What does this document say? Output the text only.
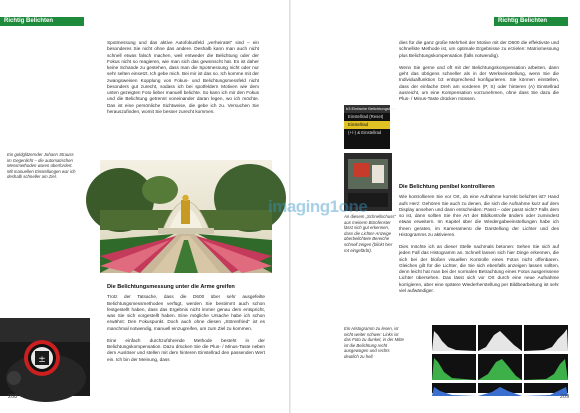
Richtig Belichten

Spotmessung und das aktive Autofokusfeld „verheiratet“ sind – ein besonderes Sie nicht ohne das andere. Deshalb kann man auch nicht schnell etwas falsch machen, weil entweder die Belichtung oder der Fokus nicht so reagieren, wie man sich das gewünscht hat. Es ist daher keine Schande zu gestehen, dass man die Spotmessung nicht oder nur sehr selten einsetzt. Ich gebe mich. Bei mir ist das so. Ich komme mit der zwangsweisen Kopplung von Fokus- und Belichtungsmessfeld nicht besonders gut zurecht, sodass ich bei spotfeldern Motiven wie dem unten gezeigten Foto lieber manuell belichte. So kann ich mir den Fokus und die Belichtung getrennt voneinander daran legen, wo ich möchte. Das ist eine persönliche Sichtweise, die gebe ich zu. Versuchen Sie herauszufinden, womit Sie besser zurecht kommen.

Ein goldglitzernder Johann Strauss im Gegenlicht – die automatischen Messmethoden waren überfordert. Mit manuellen Einstellungen war ich deshalb schneller am Ziel.
Die Belichtungsmessung unter die Arme greifen

Trotz der Tatsache, dass die D600 über sehr ausgefeilte Belichtungsmessmethoden verfügt, werden Sie bestimmt auch schon festgestellt haben, dass das Ergebnis nicht immer genau dem entspricht, was Sie sich vorgestellt haben. Eine mögliche Ursache habe ich schon erwähnt: Den Fokuspunkt. Doch auch ohne diesen „Störenfried“ ist es manchmal notwendig, manuell einzugreifen, um zum Ziel zu kommen.

Eine einfach durchzuführende Methode besteht in der Belichtungskompensation. Dazu drücken Sie die Plus- / Minus-Taste neben dem Auslöser und stellen mit dem hinteren Einstellrad den passenden Wert ein. Ich bin der Meinung, dass

±
208
Richtig Belichten

dies für die ganz große Mehrheit der Motive mit der D600 die effektivste und schnellste Methode ist, um optimale Ergebnisse zu erzielen: Matrixmessung plus Belichtungskompensation (falls notwendig).

Wenn Sie gerne und oft mit der Belichtungskompensation arbeiten, dann geht das übrigens schneller als in der Werkseinstellung, wenn Sie die Individualfunktion b3 entsprechend konfigurieren. Sie können einstellen, dass der einfache Dreh am vorderen (P, S) oder hinteren (A) Einstellrad ausreicht, um eine Kompensation vorzunehmen, ohne dass Sie dazu die Plus- / Minus-Taste drücken müssen.

b3 Einfache Belichtungskorr.
Einstellrad (Reset)
Einstellrad
(+/-) & Einstellrad
An diesem „Schnellschuss“ aus meinem Bürofenster lässt sich gut erkennen, dass die Lichter-Anzeige überbelichtete Bereiche schnell zeigen (blinkt hier rot eingefärbt).
imaging1one
Die Belichtung penibel kontrollieren

Wie kontrollieren Sie vor Ort, ob eine Aufnahme korrekt belichtet ist? Hand aufs Herz: Gehören Sie auch zu denen, die sich die Aufnahme kurz auf dem Display ansehen und dann entscheiden: Passt – oder passt nicht? Falls dem so ist, dann sollten Sie Ihre Art der Bildkontrolle ändern oder zumindest etwas erweitern. Im Kapitel über die Wiedergabeeinstellungen habe ich Ihnen geraten, im Kameramenü die Darstellung der Lichter und des Histogramms zu aktivieren.

Dies möchte ich an dieser Stelle nachmals betonen: Sehen Sie sich auf jeden Fall das Histogramm an. Schnell lassen sich hier Dinge erkennen, die sich bei der bloßen visuellen Kontrolle eines Fotos nicht offenbaren. Gleiches gilt für die Lichter, die Sie sich ebenfalls anzeigen lassen sollten, denn leicht hat man bei der normalen Betrachtung eines Fotos ausgerissene Lichter übersehen. Das lässt sich vor Ort durch eine neue Aufnahme korrigieren, aber eine spätere Wiederherstellung per Bildbearbeitung ist sehr viel aufwändiger.

Ein Histogramm zu lesen, ist nicht weiter schwer: Links ist das Foto zu dunkel, in der Mitte ist die Belichtung recht ausgewogen und rechts deutlich zu hell.
209
